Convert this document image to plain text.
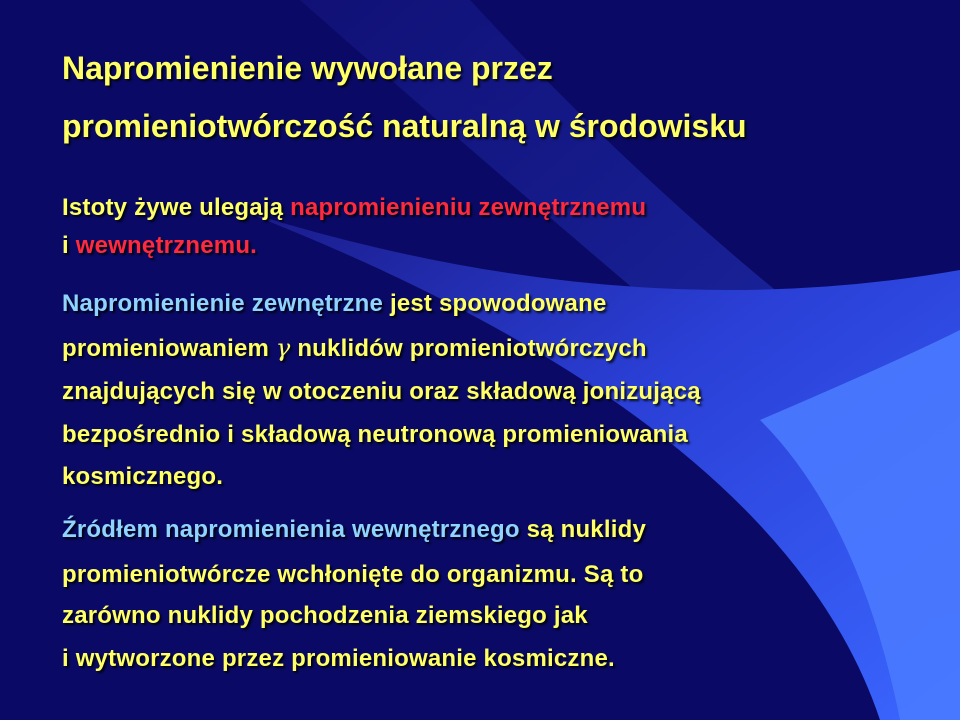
Napromienienie wywołane przez
promieniotwórczość naturalną w środowisku
Istoty żywe ulegają napromienieniu zewnętrznemu
i wewnętrznemu.
Napromienienie zewnętrzne jest spowodowane
promieniowaniem γ nuklidów promieniotwórczych
znajdujących się w otoczeniu oraz składową jonizującą
bezpośrednio i składową neutronową promieniowania
kosmicznego.
Źródłem napromienienia wewnętrznego są nuklidy
promieniotwórcze wchłonięte do organizmu. Są to
zarówno nuklidy pochodzenia ziemskiego jak
i wytworzone przez promieniowanie kosmiczne.
